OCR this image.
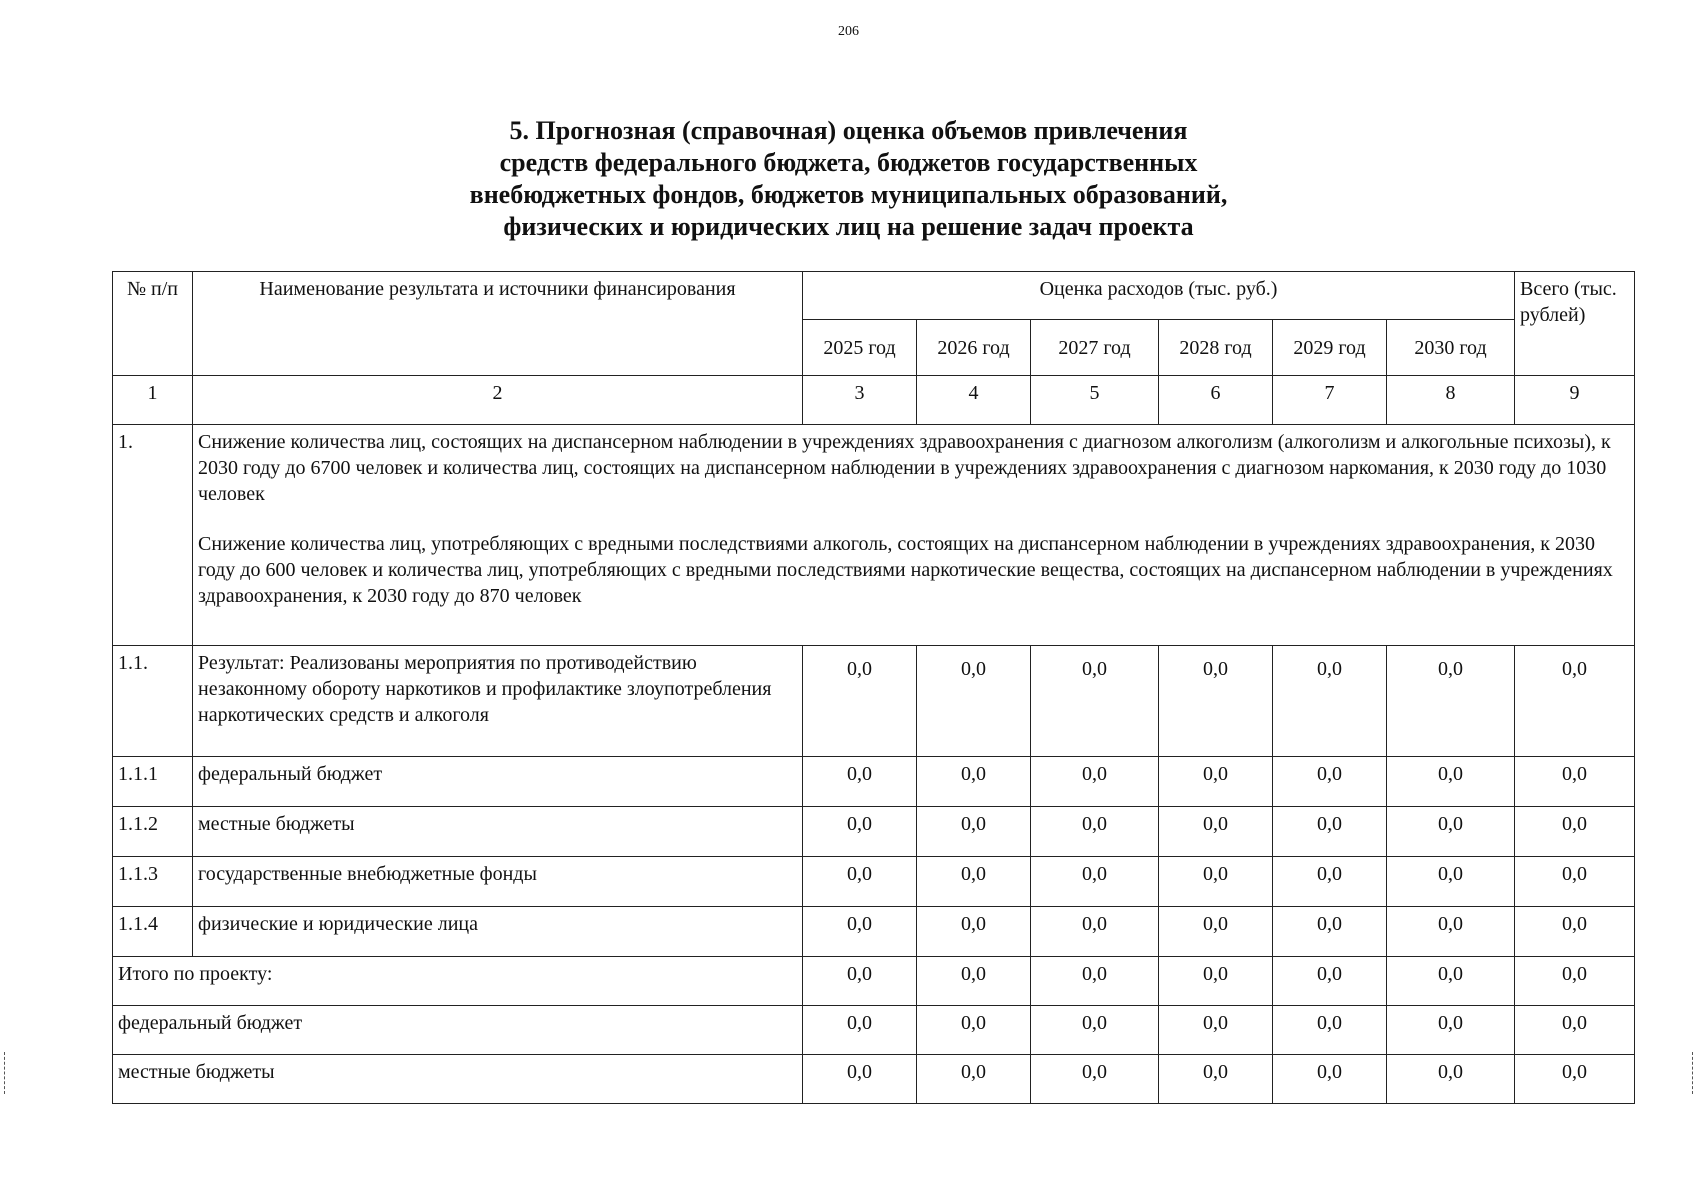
206
5. Прогнозная (справочная) оценка объемов привлечения
средств федерального бюджета, бюджетов государственных
внебюджетных фондов, бюджетов муниципальных образований,
физических и юридических лиц на решение задач проекта
№ п/п	Наименование результата и источники финансирования	Оценка расходов (тыс. руб.)						Всего (тыс. рублей)
		2025 год	2026 год	2027 год	2028 год	2029 год	2030 год	
1	2	3	4	5	6	7	8	9
1.	Снижение количества лиц, состоящих на диспансерном наблюдении в учреждениях здравоохранения с диагнозом алкоголизм (алкоголизм и алкогольные психозы), к 2030 году до 6700 человек и количества лиц, состоящих на диспансерном наблюдении в учреждениях здравоохранения с диагнозом наркомания, к 2030 году до 1030 человек

Снижение количества лиц, употребляющих с вредными последствиями алкоголь, состоящих на диспансерном наблюдении в учреждениях здравоохранения, к 2030 году до 600 человек и количества лиц, употребляющих с вредными последствиями наркотические вещества, состоящих на диспансерном наблюдении в учреждениях здравоохранения, к 2030 году до 870 человек							

1.1.	Результат: Реализованы мероприятия по противодействию незаконному обороту наркотиков и профилактике злоупотребления наркотических средств и алкоголя	0,0	0,0	0,0	0,0	0,0	0,0	0,0
1.1.1	федеральный бюджет	0,0	0,0	0,0	0,0	0,0	0,0	0,0
1.1.2	местные бюджеты	0,0	0,0	0,0	0,0	0,0	0,0	0,0
1.1.3	государственные внебюджетные фонды	0,0	0,0	0,0	0,0	0,0	0,0	0,0
1.1.4	физические и юридические лица	0,0	0,0	0,0	0,0	0,0	0,0	0,0
Итого по проекту:		0,0	0,0	0,0	0,0	0,0	0,0	0,0
федеральный бюджет		0,0	0,0	0,0	0,0	0,0	0,0	0,0
местные бюджеты		0,0	0,0	0,0	0,0	0,0	0,0	0,0
